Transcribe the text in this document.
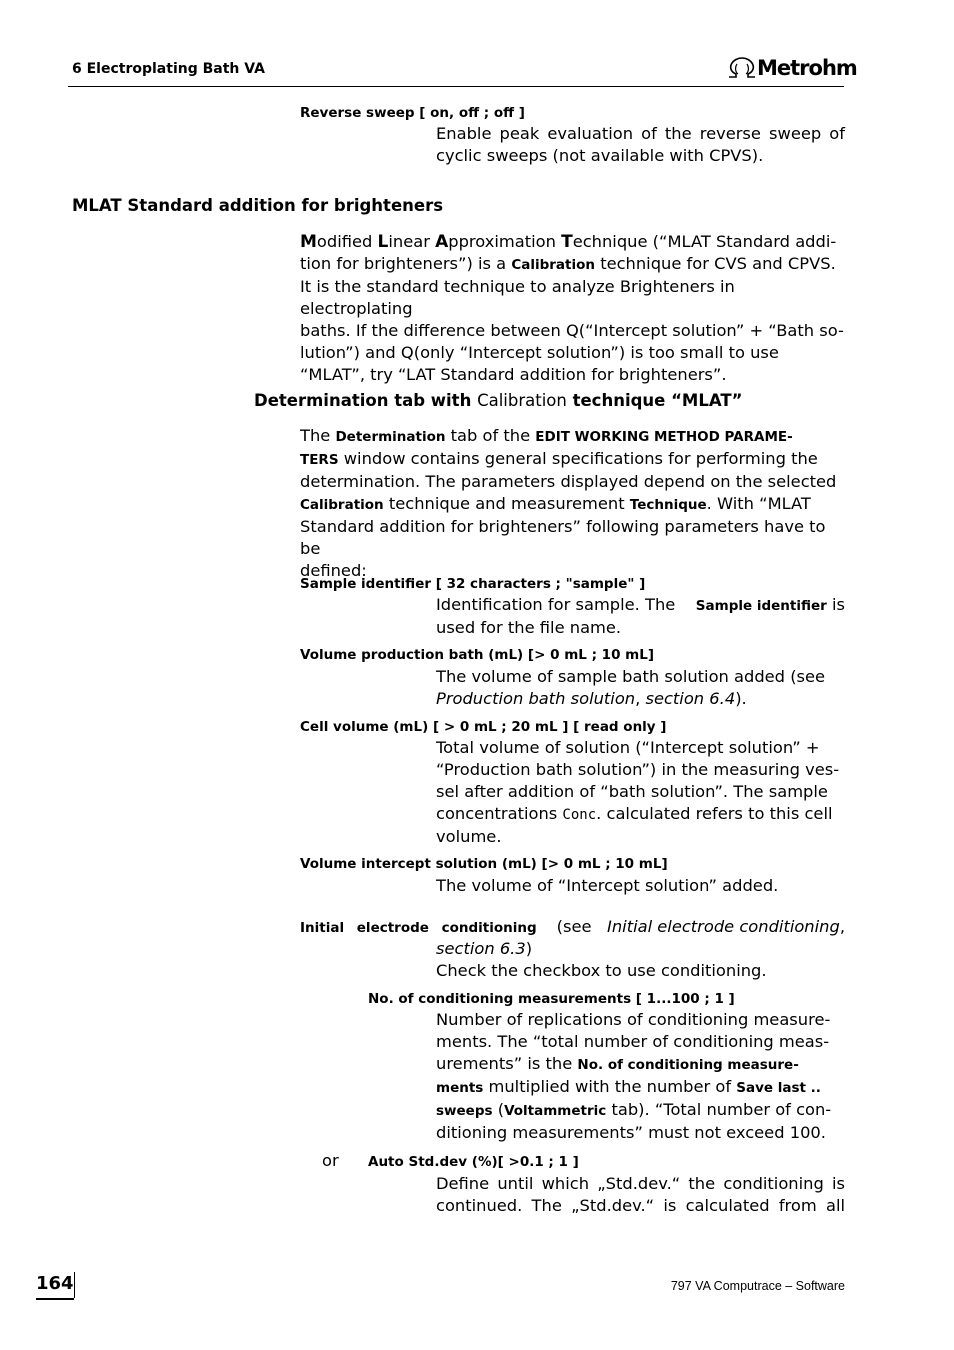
6 Electroplating Bath VA	Metrohm
Reverse sweep [ on, off ; off ]
Enable peak evaluation of the reverse sweep of cyclic sweeps (not available with CPVS).
MLAT Standard addition for brighteners
Modified Linear Approximation Technique (“MLAT Standard addi-
tion for brighteners”) is a Calibration technique for CVS and CPVS.
It is the standard technique to analyze Brighteners in electroplating
baths. If the difference between Q(“Intercept solution” + “Bath so-
lution”) and Q(only “Intercept solution”) is too small to use
“MLAT”, try “LAT Standard addition for brighteners”.
Determination tab with Calibration technique “MLAT”
The Determination tab of the EDIT WORKING METHOD PARAME-
TERS window contains general specifications for performing the
determination. The parameters displayed depend on the selected
Calibration technique and measurement Technique. With “MLAT
Standard addition for brighteners” following parameters have to be
defined:
Sample identifier [ 32 characters ; "sample" ]
Identification for sample. The Sample identifier is
used for the file name.
Volume production bath (mL) [> 0 mL ; 10 mL]
The volume of sample bath solution added (see
Production bath solution, section 6.4).
Cell volume (mL) [ > 0 mL ; 20 mL ] [ read only ]
Total volume of solution (“Intercept solution” +
“Production bath solution”) in the measuring ves-
sel after addition of “bath solution”. The sample
concentrations Conc. calculated refers to this cell
volume.
Volume intercept solution (mL) [> 0 mL ; 10 mL]
The volume of “Intercept solution” added.
Initial electrode conditioning (see   Initial electrode conditioning,
section 6.3)
Check the checkbox to use conditioning.
No. of conditioning measurements [ 1...100 ; 1 ]
Number of replications of conditioning measure-
ments. The “total number of conditioning meas-
urements” is the No. of conditioning measure-
ments multiplied with the number of Save last ..
sweeps (Voltammetric tab). “Total number of con-
ditioning measurements” must not exceed 100.
or Auto Std.dev (%)[ >0.1 ; 1 ]
Define until which „Std.dev.“ the conditioning is
continued. The „Std.dev.“ is calculated from all
164	797 VA Computrace – Software
